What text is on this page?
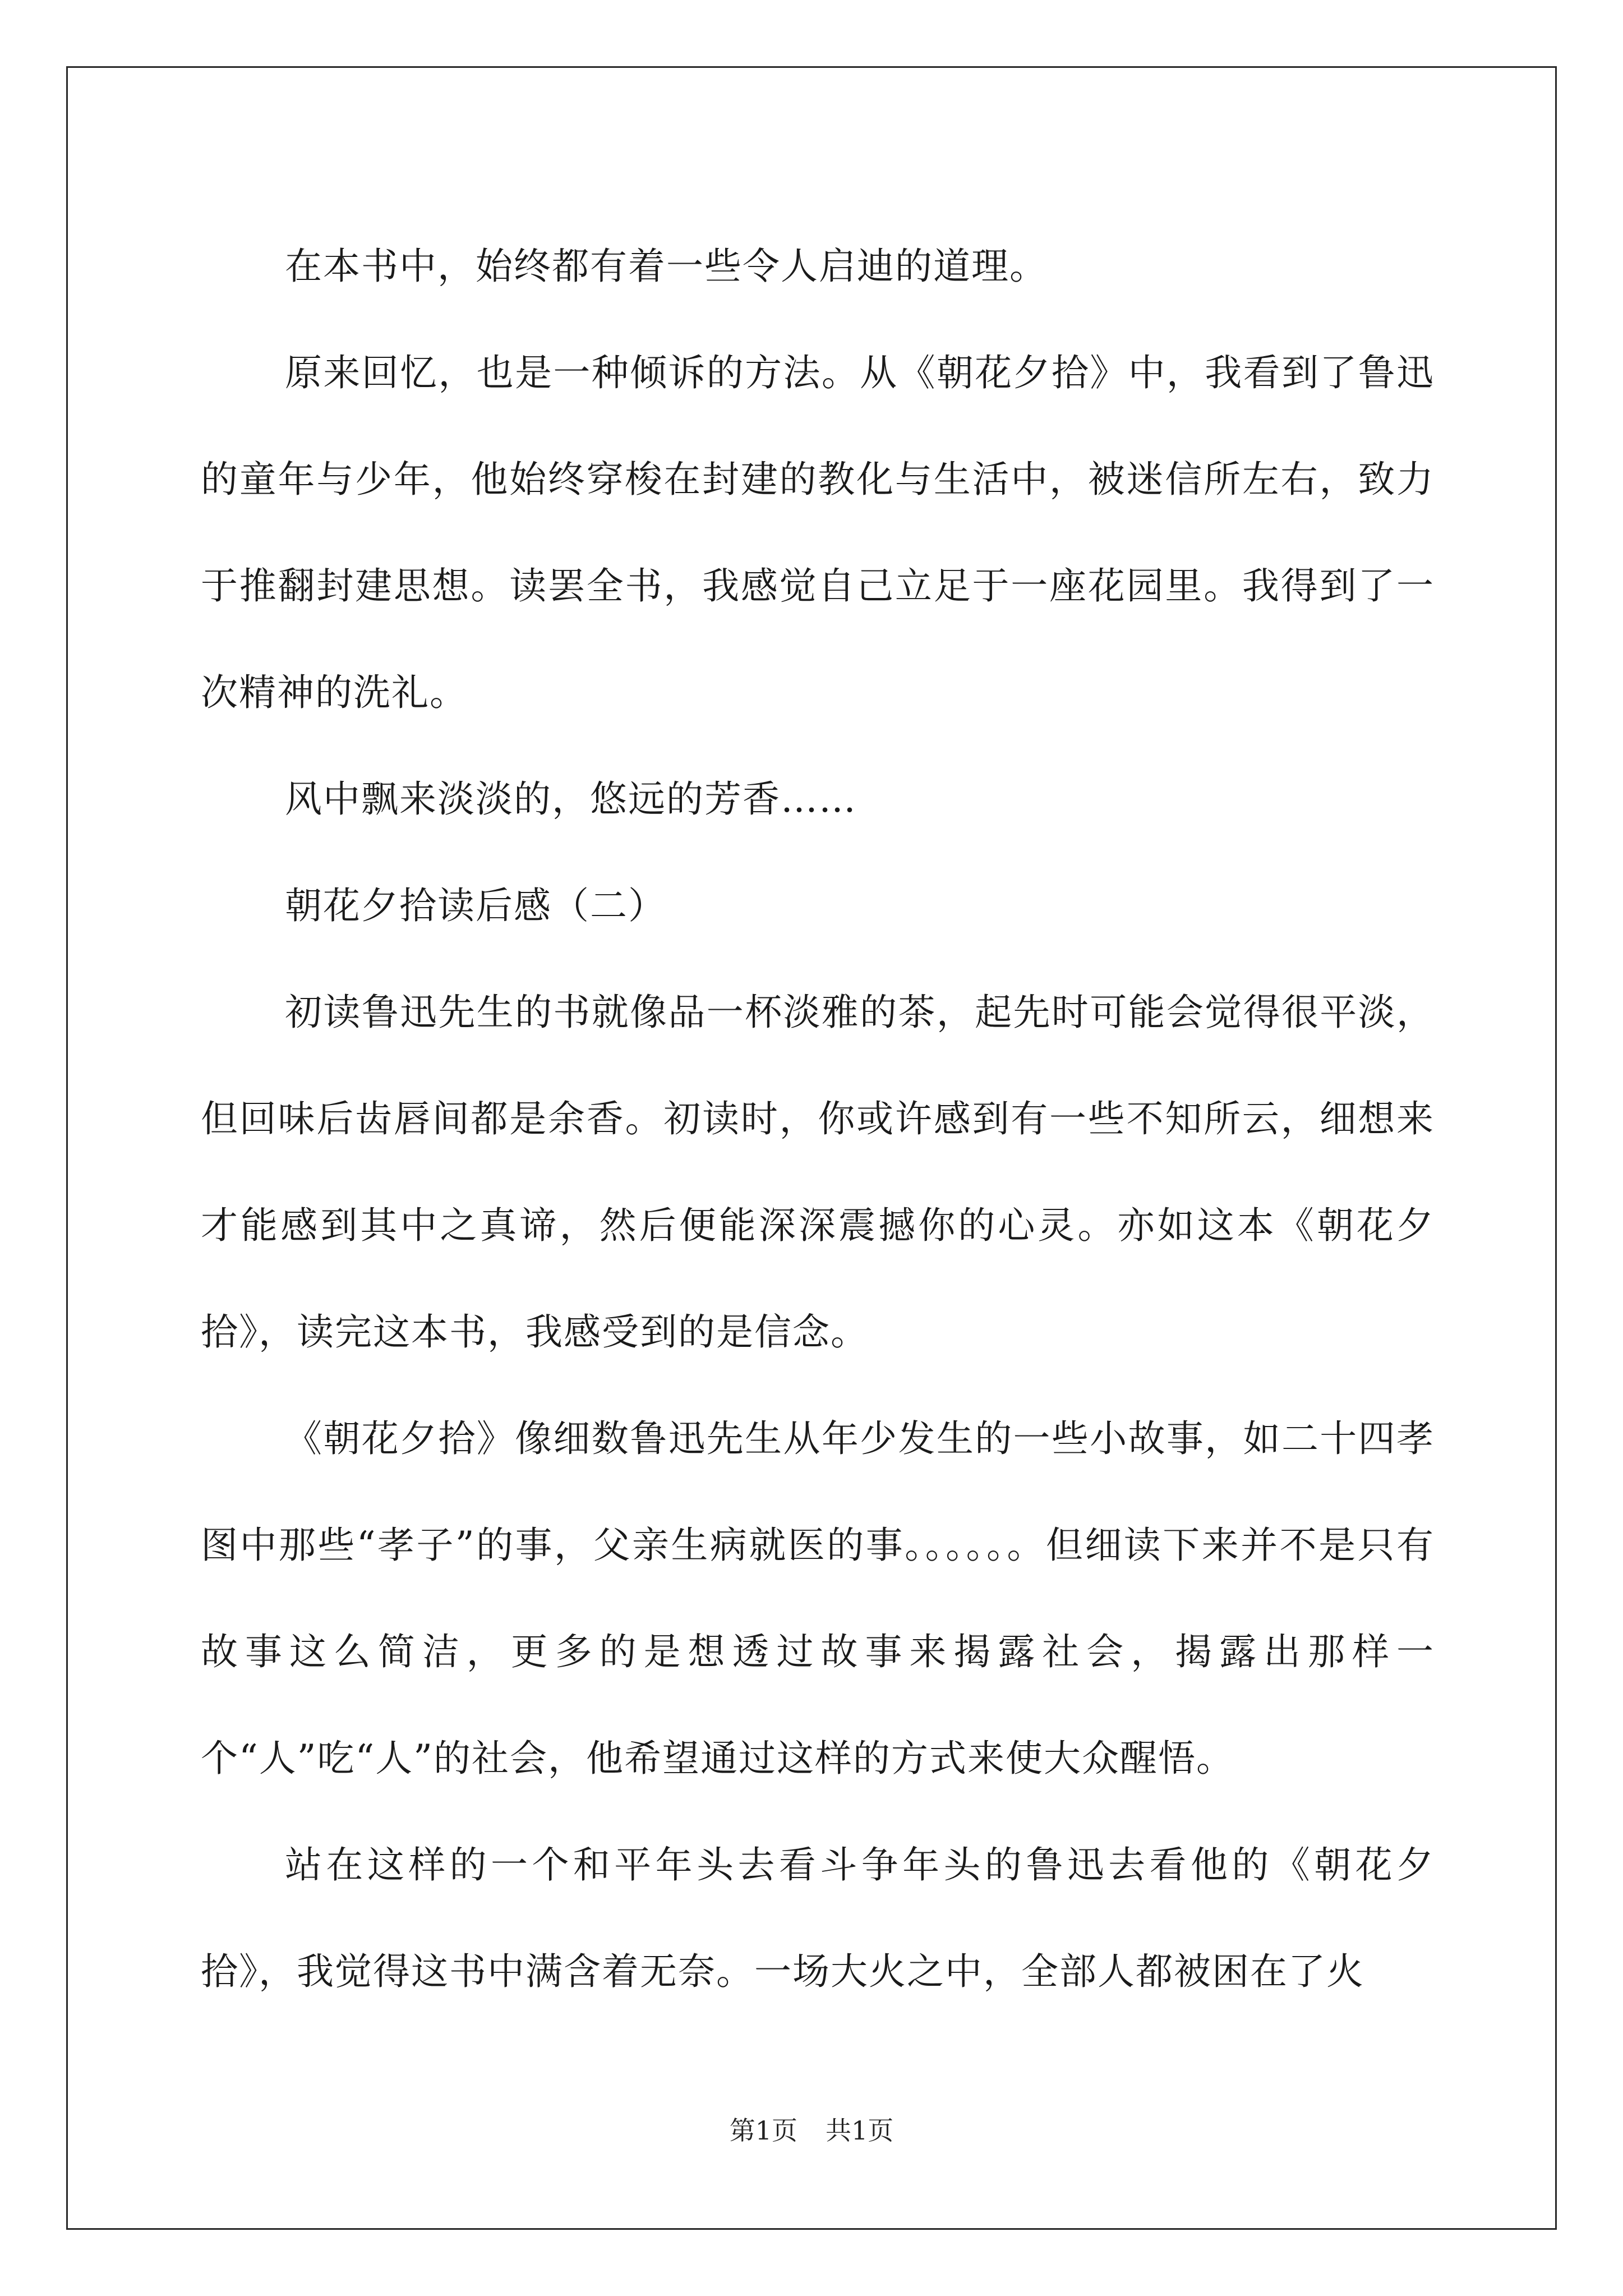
在本书中，始终都有着一些令人启迪的道理。

原来回忆，也是一种倾诉的方法。从《朝花夕拾》中，我看到了鲁迅的童年与少年，他始终穿梭在封建的教化与生活中，被迷信所左右，致力于推翻封建思想。读罢全书，我感觉自己立足于一座花园里。我得到了一次精神的洗礼。

风中飘来淡淡的，悠远的芳香……

朝花夕拾读后感（二）

初读鲁迅先生的书就像品一杯淡雅的茶，起先时可能会觉得很平淡，但回味后齿唇间都是余香。初读时，你或许感到有一些不知所云，细想来才能感到其中之真谛，然后便能深深震撼你的心灵。亦如这本《朝花夕拾》，读完这本书，我感受到的是信念。

《朝花夕拾》像细数鲁迅先生从年少发生的一些小故事，如二十四孝图中那些“孝子”的事，父亲生病就医的事。。。。。。但细读下来并不是只有故事这么简洁，更多的是想透过故事来揭露社会，揭露出那样一个“人”吃“人”的社会，他希望通过这样的方式来使大众醒悟。

站在这样的一个和平年头去看斗争年头的鲁迅去看他的《朝花夕拾》，我觉得这书中满含着无奈。一场大火之中，全部人都被困在了火

第1页 共1页
